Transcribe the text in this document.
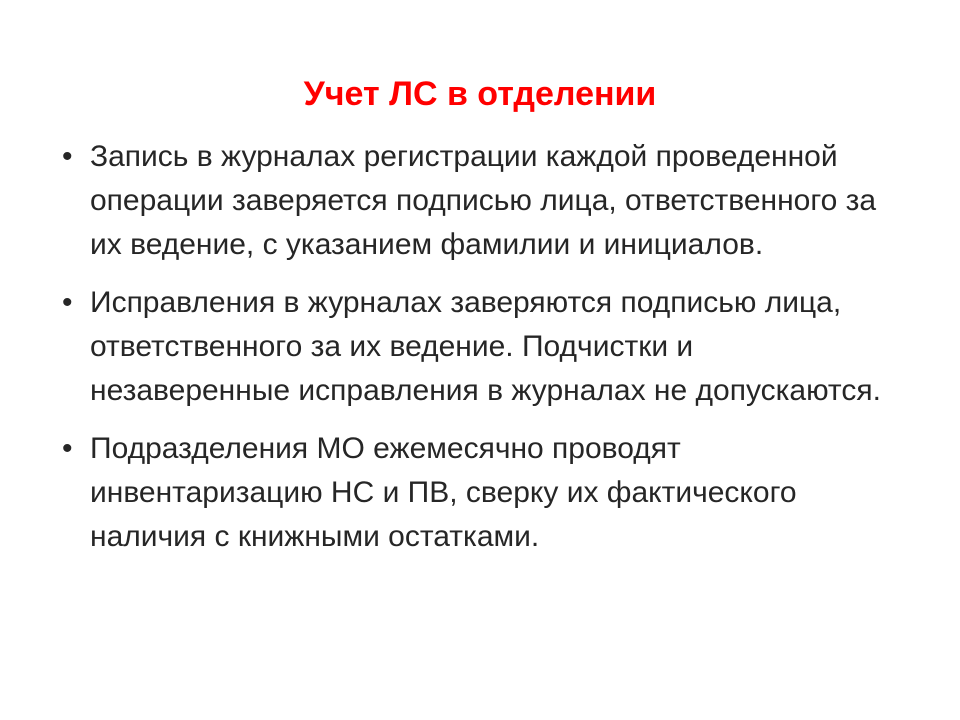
Учет ЛС в отделении
• Запись в журналах регистрации каждой проведенной операции заверяется подписью лица, ответственного за их ведение, с указанием фамилии и инициалов.
• Исправления в журналах заверяются подписью лица, ответственного за их ведение. Подчистки и незаверенные исправления в журналах не допускаются.
• Подразделения МО ежемесячно проводят инвентаризацию НС и ПВ, сверку их фактического наличия с книжными остатками.
